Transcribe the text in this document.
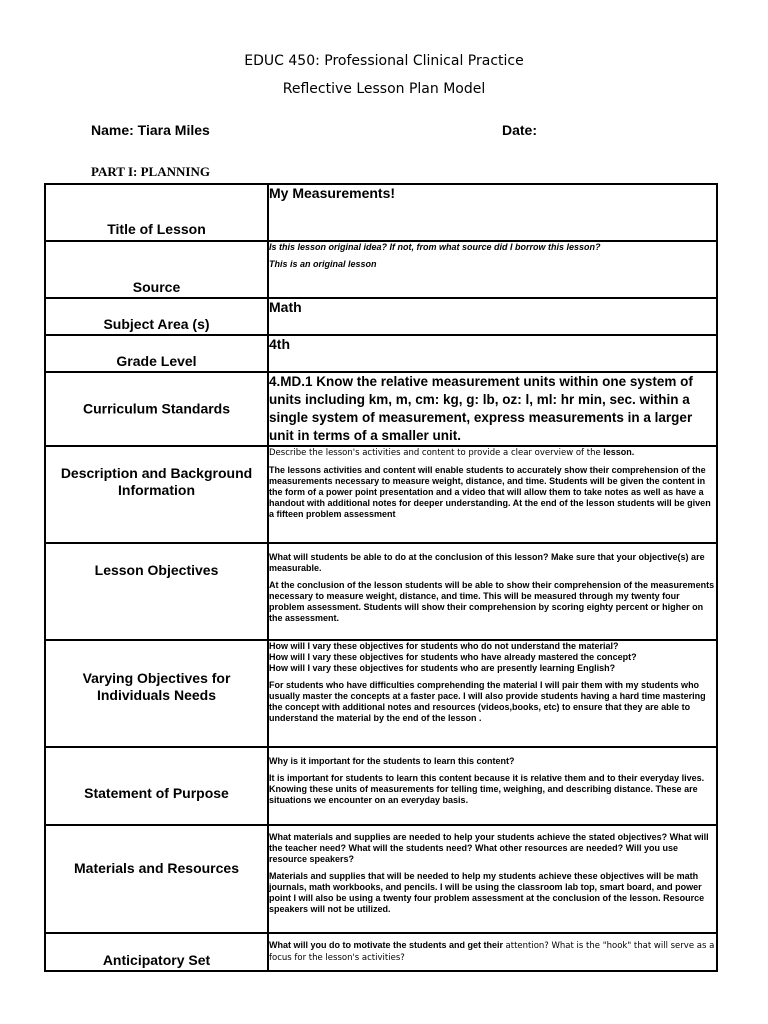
EDUC 450: Professional Clinical Practice
Reflective Lesson Plan Model
Name: Tiara Miles	Date:
PART I: PLANNING
Title of Lesson	My Measurements!

Source	Is this lesson original idea? If not, from what source did I borrow this lesson?

This is an original lesson

Subject Area (s)	Math

Grade Level	4th

Curriculum Standards	4.MD.1 Know the relative measurement units within one system of units including km, m, cm: kg, g: lb, oz: l, ml: hr min, sec. within a single system of measurement, express measurements in a larger unit in terms of a smaller unit.

Description and Background Information	Describe the lesson's activities and content to provide a clear overview of the lesson.

The lessons activities and content will enable students to accurately show their comprehension of the measurements necessary to measure weight, distance, and time. Students will be given the content in the form of a power point presentation and a video that will allow them to take notes as well as have a handout with additional notes for deeper understanding. At the end of the lesson students will be given a fifteen problem assessment

Lesson Objectives	What will students be able to do at the conclusion of this lesson? Make sure that your objective(s) are measurable.

At the conclusion of the lesson students will be able to show their comprehension of the measurements necessary to measure weight, distance, and time. This will be measured through my twenty four problem assessment. Students will show their comprehension by scoring eighty percent or higher on the assessment.

Varying Objectives for Individuals Needs	How will I vary these objectives for students who do not understand the material?

How will I vary these objectives for students who have already mastered the concept?

How will I vary these objectives for students who are presently learning English?

For students who have difficulties comprehending the material I will pair them with my students who usually master the concepts at a faster pace. I will also provide students having a hard time mastering the concept with additional notes and resources (videos,books, etc) to ensure that they are able to understand the material by the end of the lesson .

Statement of Purpose	Why is it important for the students to learn this content?

It is important for students to learn this content because it is relative them and to their everyday lives. Knowing these units of measurements for telling time, weighing, and describing distance. These are situations we encounter on an everyday basis.

Materials and Resources	What materials and supplies are needed to help your students achieve the stated objectives? What will the teacher need? What will the students need? What other resources are needed? Will you use resource speakers?

Materials and supplies that will be needed to help my students achieve these objectives will be math journals, math workbooks, and pencils. I will be using the classroom lab top, smart board, and power point I will also be using a twenty four problem assessment at the conclusion of the lesson. Resource speakers will not be utilized.

Anticipatory Set	What will you do to motivate the students and get their attention? What is the "hook" that will serve as a focus for the lesson's activities?
